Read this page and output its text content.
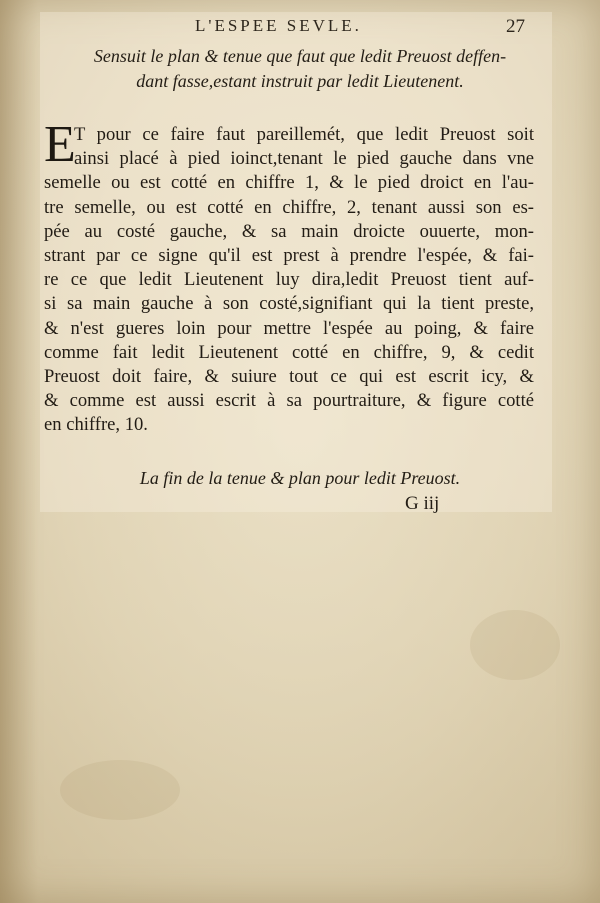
L'ESPEE SEVLE.	27
Sensuit le plan & tenue que faut que ledit Preuost deffen-
dant fasse,estant instruit par ledit Lieutenent.
E
T pour ce faire faut pareillemét, que ledit Preuost soit
ainsi placé à pied ioinct,tenant le pied gauche dans vne
semelle ou est cotté en chiffre 1, & le pied droict en l'au-
tre semelle, ou est cotté en chiffre, 2, tenant aussi son es-
pée au costé gauche, & sa main droicte ouuerte, mon-
strant par ce signe qu'il est prest à prendre l'espée, & fai-
re ce que ledit Lieutenent luy dira,ledit Preuost tient auf-
si sa main gauche à son costé,signifiant qui la tient preste,
& n'est gueres loin pour mettre l'espée au poing, & faire
comme fait ledit Lieutenent cotté en chiffre, 9, & cedit
Preuost doit faire, & suiure tout ce qui est escrit icy, &
& comme est aussi escrit à sa pourtraiture, & figure cotté
en chiffre, 10.
La fin de la tenue & plan pour ledit Preuost.
G iij
